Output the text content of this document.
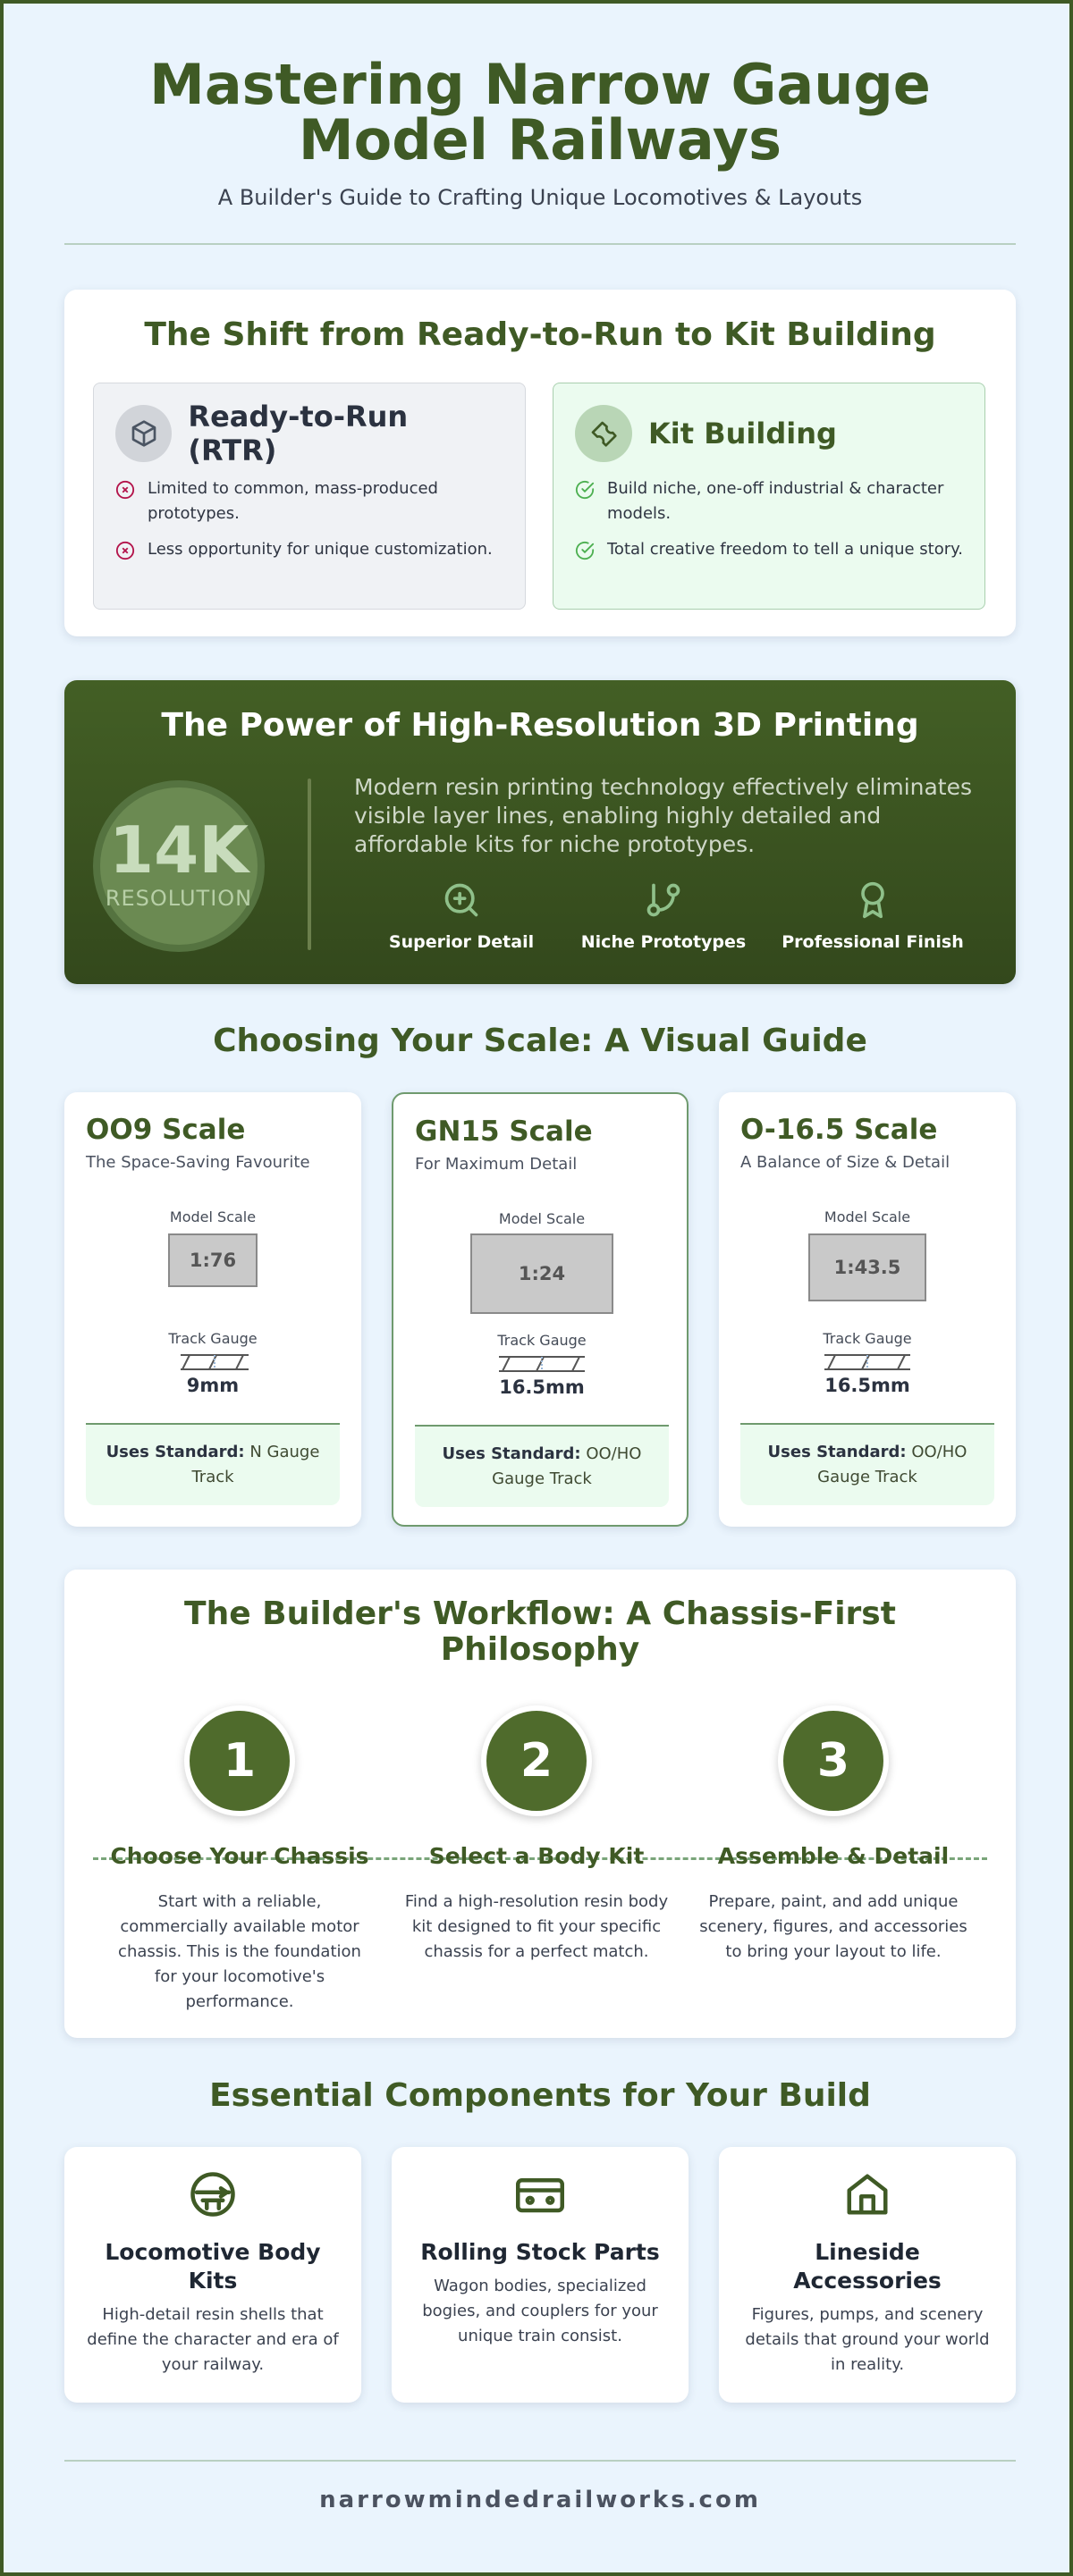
Mastering Narrow Gauge
Model Railways
A Builder's Guide to Crafting Unique Locomotives & Layouts
The Shift from Ready-to-Run to Kit Building
Ready-to-Run (RTR)
Limited to common, mass-produced prototypes.
Less opportunity for unique customization.
Kit Building
Build niche, one-off industrial & character models.
Total creative freedom to tell a unique story.
The Power of High-Resolution 3D Printing
14K
RESOLUTION
Modern resin printing technology effectively eliminates visible layer lines, enabling highly detailed and affordable kits for niche prototypes.
Superior Detail	Niche Prototypes	Professional Finish
Choosing Your Scale: A Visual Guide
OO9 Scale
The Space-Saving Favourite
Model Scale
1:76
Track Gauge
9mm
Uses Standard: N Gauge Track
GN15 Scale
For Maximum Detail
Model Scale
1:24
Track Gauge
16.5mm
Uses Standard: OO/HO Gauge Track
O-16.5 Scale
A Balance of Size & Detail
Model Scale
1:43.5
Track Gauge
16.5mm
Uses Standard: OO/HO Gauge Track
The Builder's Workflow: A Chassis-First
Philosophy
1
Choose Your Chassis
Start with a reliable, commercially available motor chassis. This is the foundation for your locomotive's performance.
2
Select a Body Kit
Find a high-resolution resin body kit designed to fit your specific chassis for a perfect match.
3
Assemble & Detail
Prepare, paint, and add unique scenery, figures, and accessories to bring your layout to life.
Essential Components for Your Build
Locomotive Body Kits
High-detail resin shells that define the character and era of your railway.
Rolling Stock Parts
Wagon bodies, specialized bogies, and couplers for your unique train consist.
Lineside Accessories
Figures, pumps, and scenery details that ground your world in reality.
narrowmindedrailworks.com
